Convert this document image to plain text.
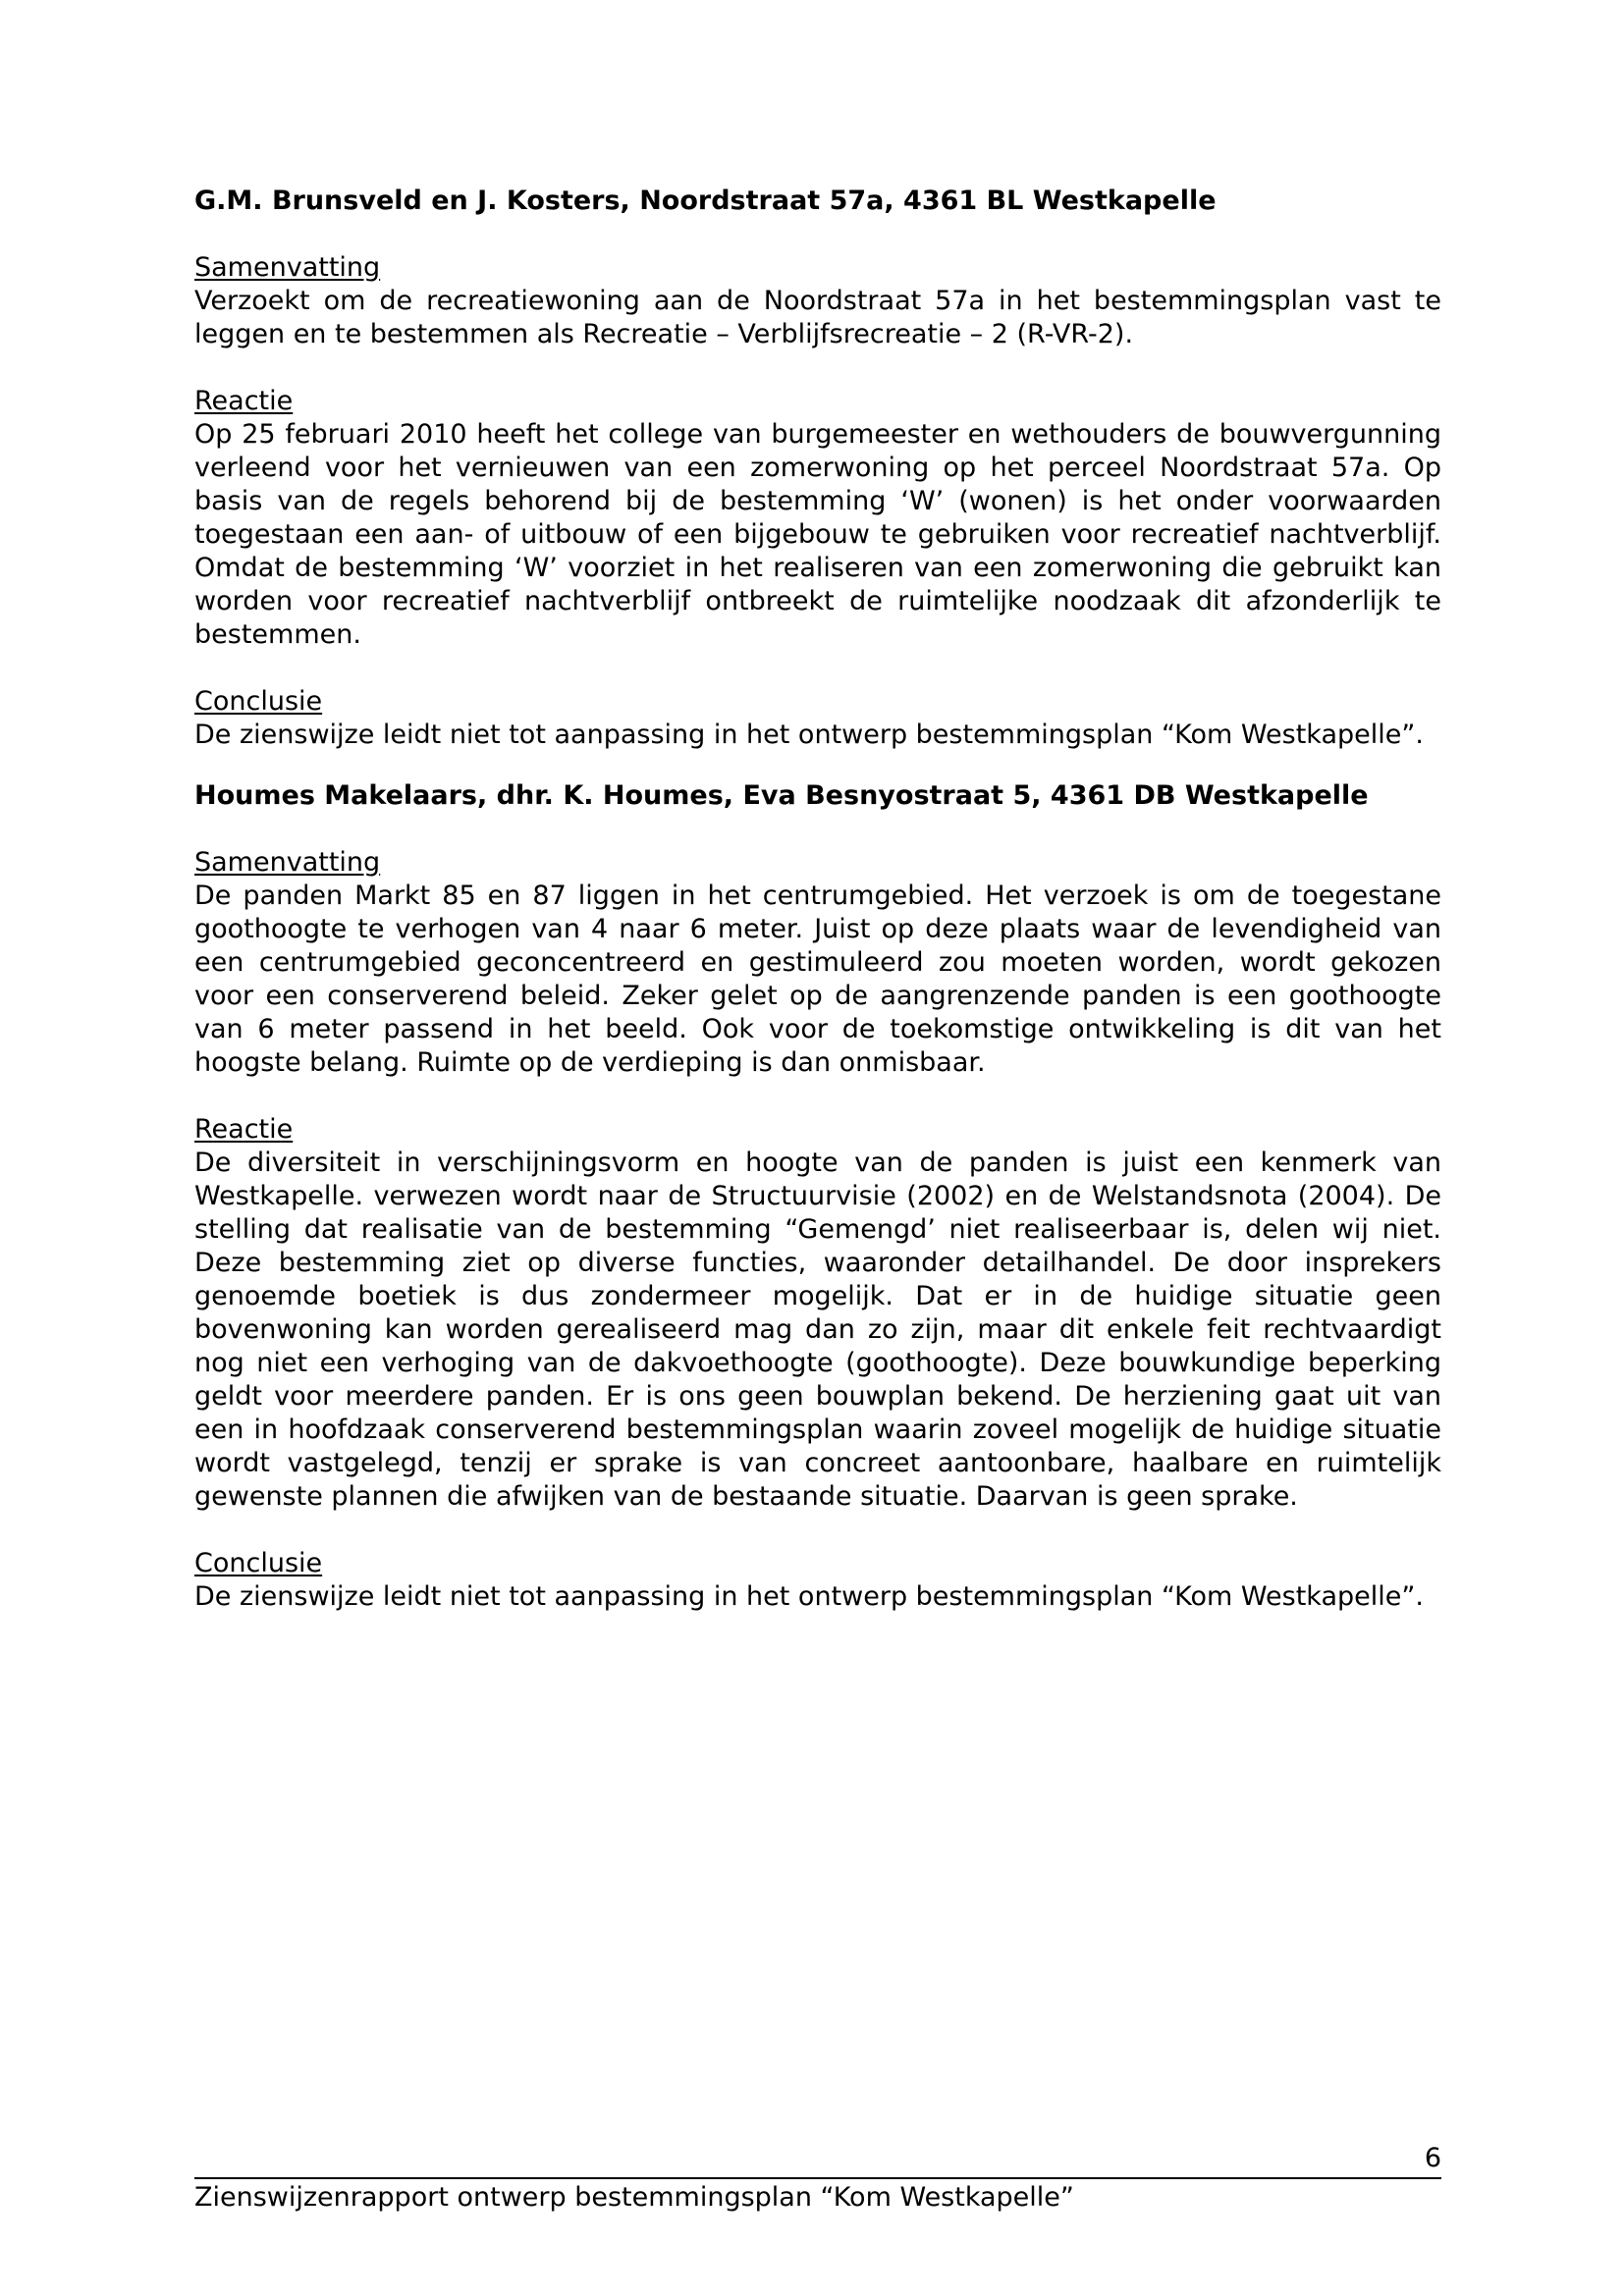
G.M. Brunsveld en J. Kosters, Noordstraat 57a, 4361 BL Westkapelle

Samenvatting

Verzoekt om de recreatiewoning aan de Noordstraat 57a in het bestemmingsplan vast te leggen en te bestemmen als Recreatie – Verblijfsrecreatie – 2 (R-VR-2).

Reactie

Op 25 februari 2010 heeft het college van burgemeester en wethouders de bouwvergunning verleend voor het vernieuwen van een zomerwoning op het perceel Noordstraat 57a. Op basis van de regels behorend bij de bestemming ‘W’ (wonen) is het onder voorwaarden toegestaan een aan- of uitbouw of een bijgebouw te gebruiken voor recreatief nachtverblijf. Omdat de bestemming ‘W’ voorziet in het realiseren van een zomerwoning die gebruikt kan worden voor recreatief nachtverblijf ontbreekt de ruimtelijke noodzaak dit afzonderlijk te bestemmen.

Conclusie

De zienswijze leidt niet tot aanpassing in het ontwerp bestemmingsplan “Kom Westkapelle”.

Houmes Makelaars, dhr. K. Houmes, Eva Besnyostraat 5, 4361 DB Westkapelle

Samenvatting

De panden Markt 85 en 87 liggen in het centrumgebied. Het verzoek is om de toegestane goothoogte te verhogen van 4 naar 6 meter. Juist op deze plaats waar de levendigheid van een centrumgebied geconcentreerd en gestimuleerd zou moeten worden, wordt gekozen voor een conserverend beleid. Zeker gelet op de aangrenzende panden is een goothoogte van 6 meter passend in het beeld. Ook voor de toekomstige ontwikkeling is dit van het hoogste belang. Ruimte op de verdieping is dan onmisbaar.

Reactie

De diversiteit in verschijningsvorm en hoogte van de panden is juist een kenmerk van Westkapelle. verwezen wordt naar de Structuurvisie (2002) en de Welstandsnota (2004). De stelling dat realisatie van de bestemming “Gemengd’ niet realiseerbaar is, delen wij niet. Deze bestemming ziet op diverse functies, waaronder detailhandel. De door insprekers genoemde boetiek is dus zondermeer mogelijk. Dat er in de huidige situatie geen bovenwoning kan worden gerealiseerd mag dan zo zijn, maar dit enkele feit rechtvaardigt nog niet een verhoging van de dakvoethoogte (goothoogte). Deze bouwkundige beperking geldt voor meerdere panden. Er is ons geen bouwplan bekend. De herziening gaat uit van een in hoofdzaak conserverend bestemmingsplan waarin zoveel mogelijk de huidige situatie wordt vastgelegd, tenzij er sprake is van concreet aantoonbare, haalbare en ruimtelijk gewenste plannen die afwijken van de bestaande situatie. Daarvan is geen sprake.

Conclusie

De zienswijze leidt niet tot aanpassing in het ontwerp bestemmingsplan “Kom Westkapelle”.

6
Zienswijzenrapport ontwerp bestemmingsplan “Kom Westkapelle”
